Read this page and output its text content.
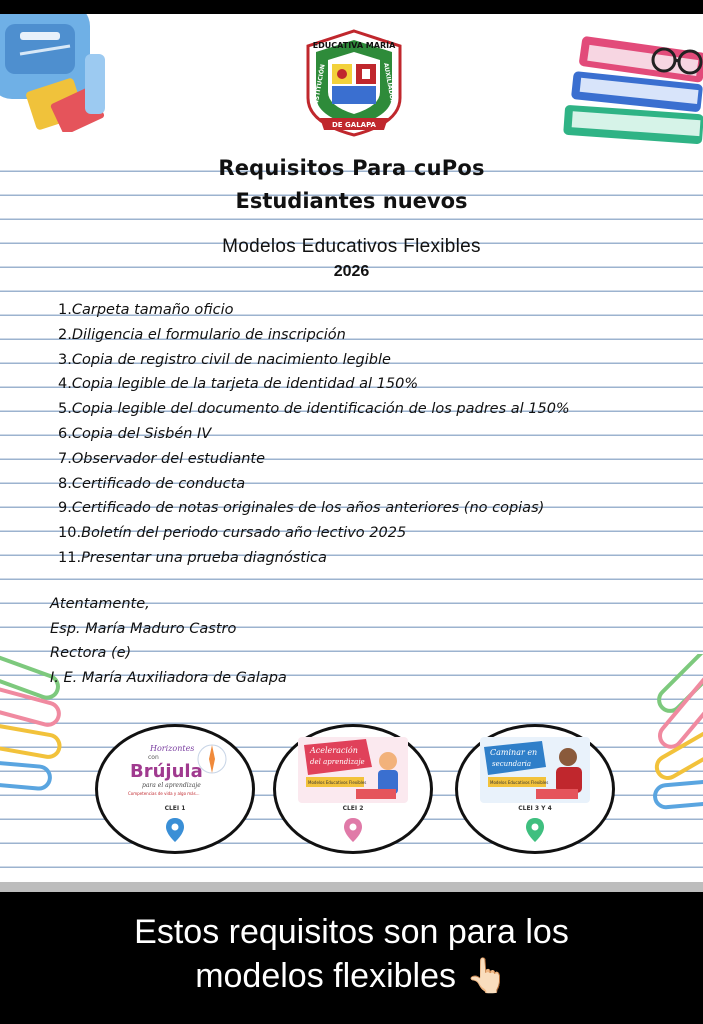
EDUCATIVA MARÍA
INSTITUCIÓN	AUXILIADORA
DE GALAPA
Requisitos Para cuPos
Estudiantes nuevos
Modelos Educativos Flexibles
2026
1.Carpeta tamaño oficio
2.Diligencia el formulario de inscripción
3.Copia de registro civil de nacimiento legible
4.Copia legible de la tarjeta de identidad al 150%
5.Copia legible del documento de identificación de los padres al 150%
6.Copia del Sisbén IV
7.Observador del estudiante
8.Certificado de conducta
9.Certificado de notas originales de los años anteriores (no copias)
10.Boletín del periodo cursado año lectivo 2025
11.Presentar una prueba diagnóstica
Atentamente,
Esp. María Maduro Castro
Rectora (e)
I. E. María Auxiliadora de Galapa
Horizontes
con
Brújula
para el aprendizaje
Competencias de vida y algo más...
CLEI 1
Aceleración
del aprendizaje
Modelos Educativos Flexibles
CLEI 2
Caminar en
secundaria
Modelos Educativos Flexibles
CLEI 3 Y 4
Estos requisitos son para los
modelos flexibles 👆🏻
